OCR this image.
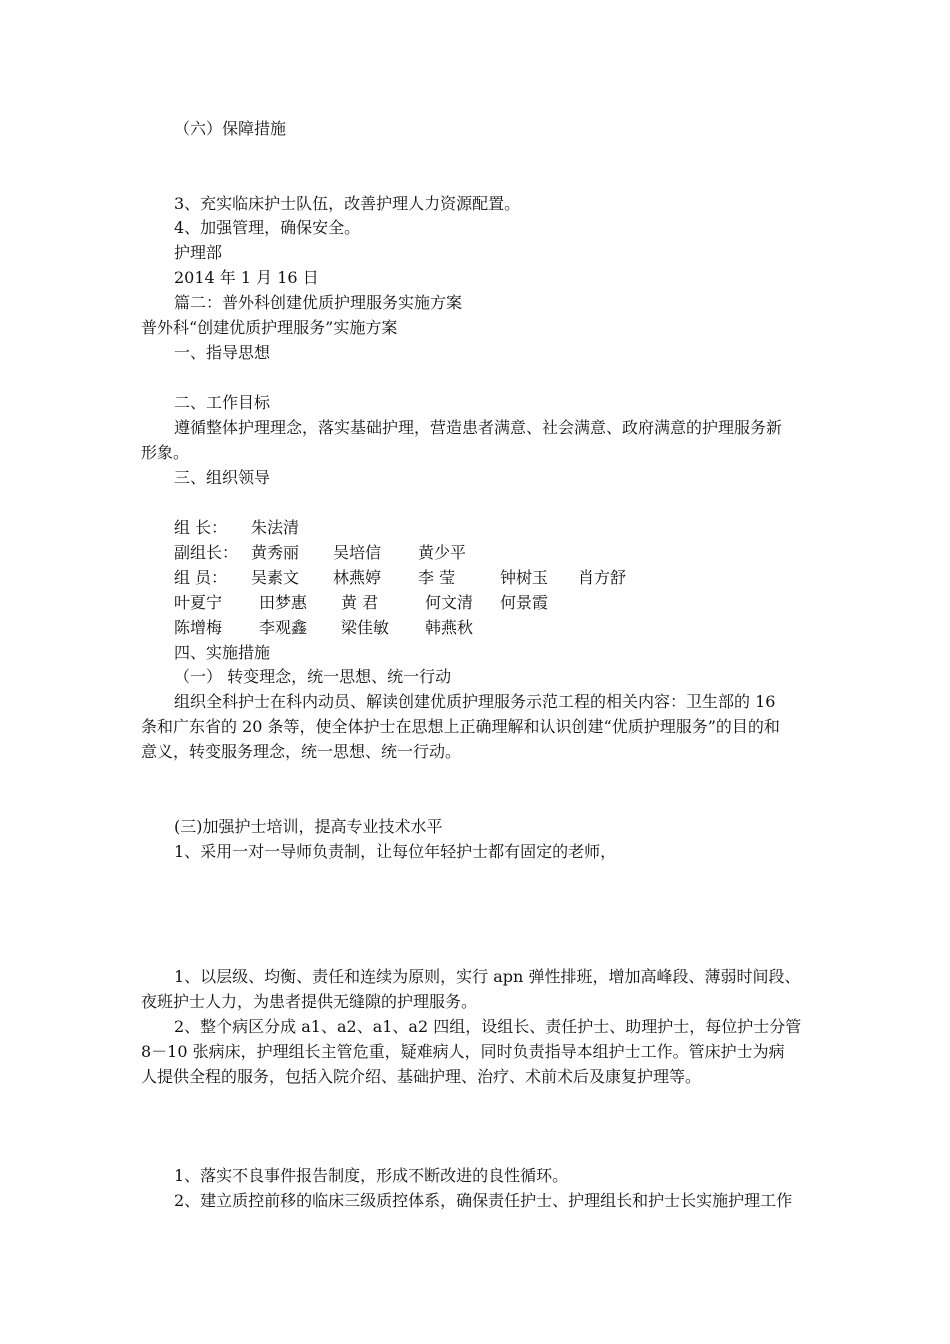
（六）保障措施

3、充实临床护士队伍，改善护理人力资源配置。

4、加强管理，确保安全。

护理部

2014 年 1 月 16 日

篇二：普外科创建优质护理服务实施方案

普外科“创建优质护理服务”实施方案

一、指导思想

二、工作目标

遵循整体护理理念，落实基础护理，营造患者满意、社会满意、政府满意的护理服务新

形象。

三、组织领导

组 长： 朱法清
副组长： 黄秀丽 吴培信 黄少平
组 员： 吴素文 林燕婷 李 莹	钟树玉 肖方舒
叶夏宁 田梦惠 黄 君	何文清 何景霞
陈增梅 李观鑫 梁佳敏 韩燕秋

四、实施措施

（一） 转变理念，统一思想、统一行动

组织全科护士在科内动员、解读创建优质护理服务示范工程的相关内容：卫生部的 16

条和广东省的 20 条等，使全体护士在思想上正确理解和认识创建“优质护理服务”的目的和

意义，转变服务理念，统一思想、统一行动。

(三)加强护士培训，提高专业技术水平

1、采用一对一导师负责制，让每位年轻护士都有固定的老师，

1、以层级、均衡、责任和连续为原则，实行 apn 弹性排班，增加高峰段、薄弱时间段、

夜班护士人力，为患者提供无缝隙的护理服务。

2、整个病区分成 a1、a2、a1、a2 四组，设组长、责任护士、助理护士，每位护士分管

8－10 张病床，护理组长主管危重，疑难病人，同时负责指导本组护士工作。管床护士为病

人提供全程的服务，包括入院介绍、基础护理、治疗、术前术后及康复护理等。

1、落实不良事件报告制度，形成不断改进的良性循环。

2、建立质控前移的临床三级质控体系，确保责任护士、护理组长和护士长实施护理工作
